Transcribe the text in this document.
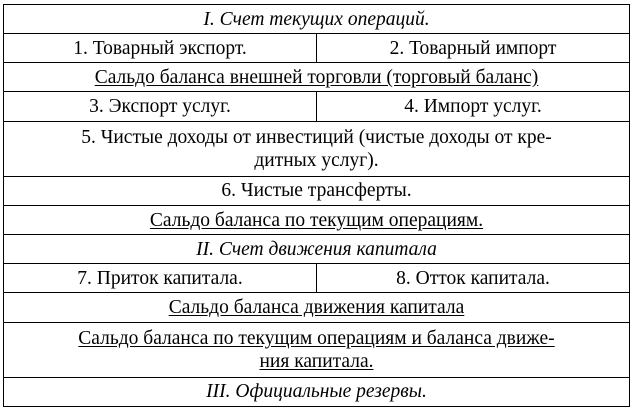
I. Счет текущих операций.	
1. Товарный экспорт.	2. Товарный импорт
Сальдо баланса внешней торговли (торговый баланс)	
3. Экспорт услуг.	4. Импорт услуг.
5. Чистые доходы от инвестиций (чистые доходы от кре-
дитных услуг).	
6. Чистые трансферты.	
Сальдо баланса по текущим операциям.	
II. Счет движения капитала	
7. Приток капитала.	8. Отток капитала.
Сальдо баланса движения капитала	
Сальдо баланса по текущим операциям и баланса движе-
ния капитала.	
III. Официальные резервы.	
